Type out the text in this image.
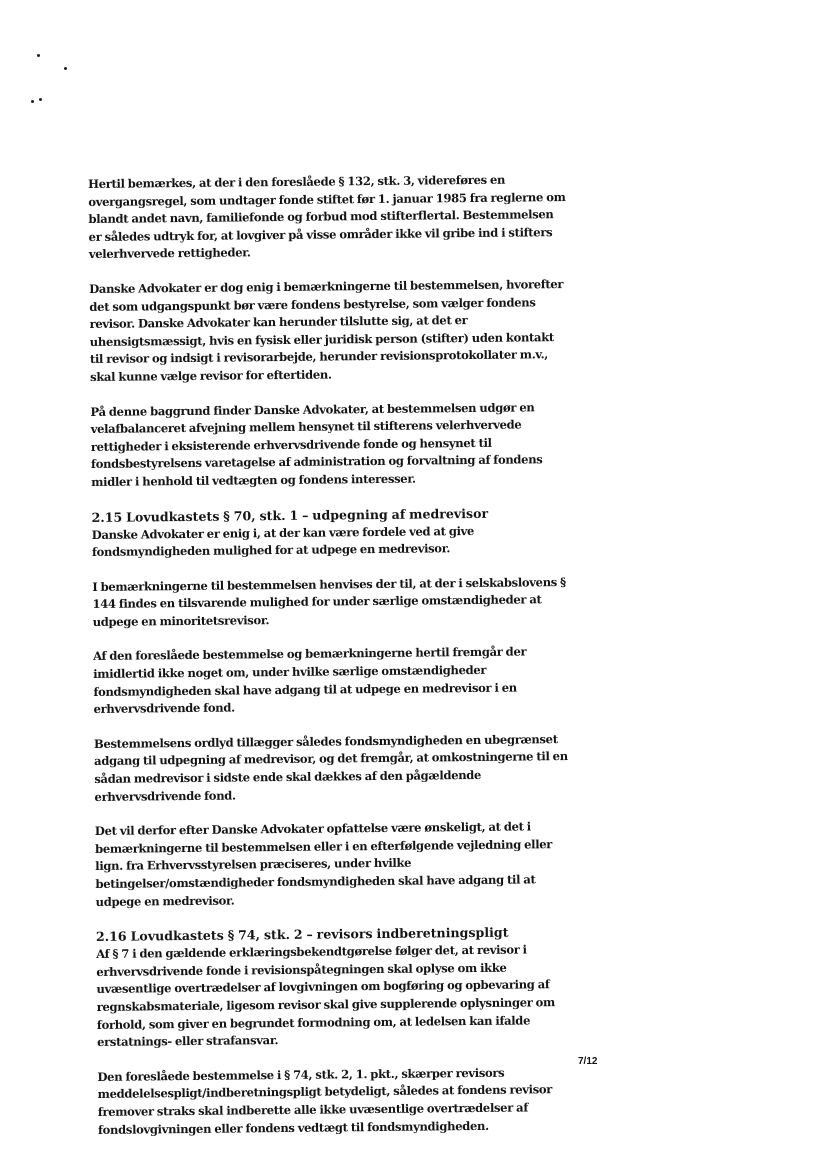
Hertil bemærkes, at der i den foreslåede § 132, stk. 3, videreføres en overgangsregel, som undtager fonde stiftet før 1. januar 1985 fra reglerne om blandt andet navn, familiefonde og forbud mod stifterflertal. Bestemmelsen er således udtryk for, at lovgiver på visse områder ikke vil gribe ind i stifters velerhvervede rettigheder.

Danske Advokater er dog enig i bemærkningerne til bestemmelsen, hvorefter det som udgangspunkt bør være fondens bestyrelse, som vælger fondens revisor. Danske Advokater kan herunder tilslutte sig, at det er uhensigtsmæssigt, hvis en fysisk eller juridisk person (stifter) uden kontakt til revisor og indsigt i revisorarbejde, herunder revisionsprotokollater m.v., skal kunne vælge revisor for eftertiden.

På denne baggrund finder Danske Advokater, at bestemmelsen udgør en velafbalanceret afvejning mellem hensynet til stifterens velerhvervede rettigheder i eksisterende erhvervsdrivende fonde og hensynet til fondsbestyrelsens varetagelse af administration og forvaltning af fondens midler i henhold til vedtægten og fondens interesser.

2.15 Lovudkastets § 70, stk. 1 – udpegning af medrevisor

Danske Advokater er enig i, at der kan være fordele ved at give fondsmyndigheden mulighed for at udpege en medrevisor.

I bemærkningerne til bestemmelsen henvises der til, at der i selskabslovens § 144 findes en tilsvarende mulighed for under særlige omstændigheder at udpege en minoritetsrevisor.

Af den foreslåede bestemmelse og bemærkningerne hertil fremgår der imidlertid ikke noget om, under hvilke særlige omstændigheder fondsmyndigheden skal have adgang til at udpege en medrevisor i en erhvervsdrivende fond.

Bestemmelsens ordlyd tillægger således fondsmyndigheden en ubegrænset adgang til udpegning af medrevisor, og det fremgår, at omkostningerne til en sådan medrevisor i sidste ende skal dækkes af den pågældende erhvervsdrivende fond.

Det vil derfor efter Danske Advokater opfattelse være ønskeligt, at det i bemærkningerne til bestemmelsen eller i en efterfølgende vejledning eller lign. fra Erhvervsstyrelsen præciseres, under hvilke betingelser/omstændigheder fondsmyndigheden skal have adgang til at udpege en medrevisor.

2.16 Lovudkastets § 74, stk. 2 – revisors indberetningspligt

Af § 7 i den gældende erklæringsbekendtgørelse følger det, at revisor i erhvervsdrivende fonde i revisionspåtegningen skal oplyse om ikke uvæsentlige overtrædelser af lovgivningen om bogføring og opbevaring af regnskabsmateriale, ligesom revisor skal give supplerende oplysninger om forhold, som giver en begrundet formodning om, at ledelsen kan ifalde erstatnings- eller strafansvar.

Den foreslåede bestemmelse i § 74, stk. 2, 1. pkt., skærper revisors meddelelsespligt/indberetningspligt betydeligt, således at fondens revisor fremover straks skal indberette alle ikke uvæsentlige overtrædelser af fondslovgivningen eller fondens vedtægt til fondsmyndigheden.

7/12
